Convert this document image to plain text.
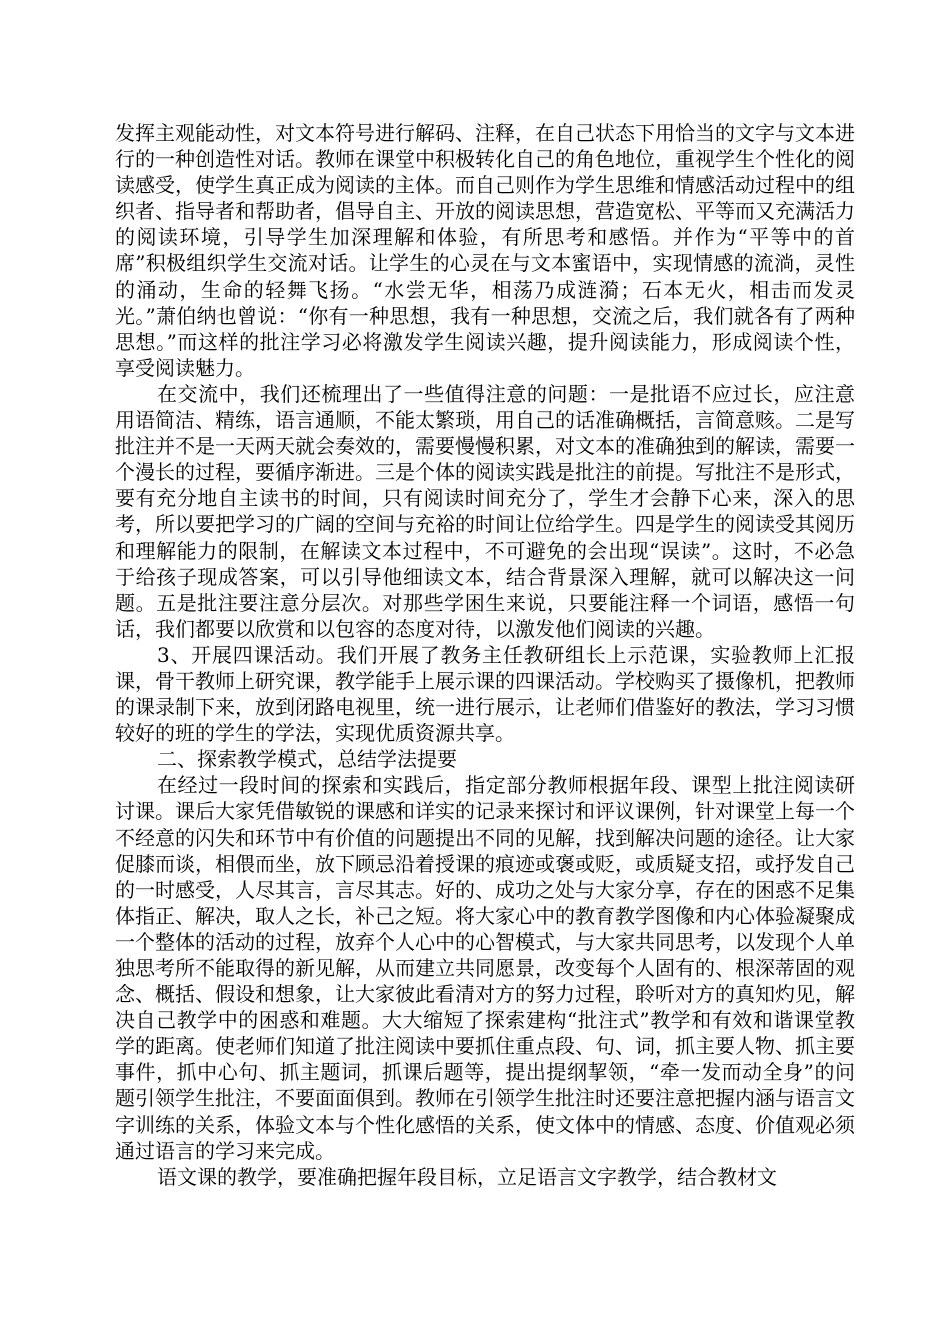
发挥主观能动性，对文本符号进行解码、注释，在自己状态下用恰当的文字与文本进行的一种创造性对话。教师在课堂中积极转化自己的角色地位，重视学生个性化的阅读感受，使学生真正成为阅读的主体。而自己则作为学生思维和情感活动过程中的组织者、指导者和帮助者，倡导自主、开放的阅读思想，营造宽松、平等而又充满活力的阅读环境，引导学生加深理解和体验，有所思考和感悟。并作为“平等中的首席”积极组织学生交流对话。让学生的心灵在与文本蜜语中，实现情感的流淌，灵性的涌动，生命的轻舞飞扬。“水尝无华，相荡乃成涟漪；石本无火，相击而发灵光。”萧伯纳也曾说：“你有一种思想，我有一种思想，交流之后，我们就各有了两种思想。”而这样的批注学习必将激发学生阅读兴趣，提升阅读能力，形成阅读个性，享受阅读魅力。

在交流中，我们还梳理出了一些值得注意的问题：一是批语不应过长，应注意用语简洁、精练，语言通顺，不能太繁琐，用自己的话准确概括，言简意赅。二是写批注并不是一天两天就会奏效的，需要慢慢积累，对文本的准确独到的解读，需要一个漫长的过程，要循序渐进。三是个体的阅读实践是批注的前提。写批注不是形式，要有充分地自主读书的时间，只有阅读时间充分了，学生才会静下心来，深入的思考，所以要把学习的广阔的空间与充裕的时间让位给学生。四是学生的阅读受其阅历和理解能力的限制，在解读文本过程中，不可避免的会出现“误读”。这时，不必急于给孩子现成答案，可以引导他细读文本，结合背景深入理解，就可以解决这一问题。五是批注要注意分层次。对那些学困生来说，只要能注释一个词语，感悟一句话，我们都要以欣赏和以包容的态度对待，以激发他们阅读的兴趣。

3、开展四课活动。我们开展了教务主任教研组长上示范课，实验教师上汇报课，骨干教师上研究课，教学能手上展示课的四课活动。学校购买了摄像机，把教师的课录制下来，放到闭路电视里，统一进行展示，让老师们借鉴好的教法，学习习惯较好的班的学生的学法，实现优质资源共享。

二、探索教学模式，总结学法提要

在经过一段时间的探索和实践后，指定部分教师根据年段、课型上批注阅读研讨课。课后大家凭借敏锐的课感和详实的记录来探讨和评议课例，针对课堂上每一个不经意的闪失和环节中有价值的问题提出不同的见解，找到解决问题的途径。让大家促膝而谈，相偎而坐，放下顾忌沿着授课的痕迹或褒或贬，或质疑支招，或抒发自己的一时感受，人尽其言，言尽其志。好的、成功之处与大家分享，存在的困惑不足集体指正、解决，取人之长，补己之短。将大家心中的教育教学图像和内心体验凝聚成一个整体的活动的过程，放弃个人心中的心智模式，与大家共同思考，以发现个人单独思考所不能取得的新见解，从而建立共同愿景，改变每个人固有的、根深蒂固的观念、概括、假设和想象，让大家彼此看清对方的努力过程，聆听对方的真知灼见，解决自己教学中的困惑和难题。大大缩短了探索建构“批注式”教学和有效和谐课堂教学的距离。使老师们知道了批注阅读中要抓住重点段、句、词，抓主要人物、抓主要事件，抓中心句、抓主题词，抓课后题等，提出提纲挈领，“牵一发而动全身”的问题引领学生批注，不要面面俱到。教师在引领学生批注时还要注意把握内涵与语言文字训练的关系，体验文本与个性化感悟的关系，使文体中的情感、态度、价值观必须通过语言的学习来完成。

语文课的教学，要准确把握年段目标，立足语言文字教学，结合教材文
